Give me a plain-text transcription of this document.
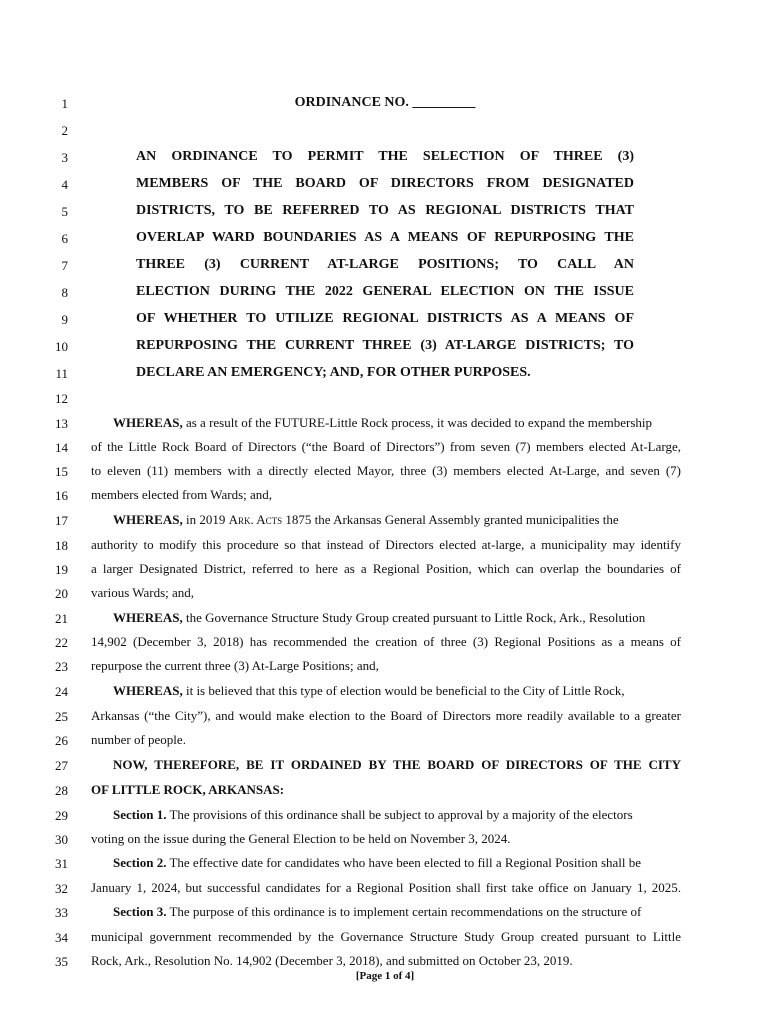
1	ORDINANCE NO. _________
2
3	AN ORDINANCE TO PERMIT THE SELECTION OF THREE (3)
4	MEMBERS OF THE BOARD OF DIRECTORS FROM DESIGNATED
5	DISTRICTS, TO BE REFERRED TO AS REGIONAL DISTRICTS THAT
6	OVERLAP WARD BOUNDARIES AS A MEANS OF REPURPOSING THE
7	THREE (3) CURRENT AT-LARGE POSITIONS; TO CALL AN
8	ELECTION DURING THE 2022 GENERAL ELECTION ON THE ISSUE
9	OF WHETHER TO UTILIZE REGIONAL DISTRICTS AS A MEANS OF
10	REPURPOSING THE CURRENT THREE (3) AT-LARGE DISTRICTS; TO
11	DECLARE AN EMERGENCY; AND, FOR OTHER PURPOSES.
12
13	WHEREAS, as a result of the FUTURE-Little Rock process, it was decided to expand the membership
14 of the Little Rock Board of Directors (“the Board of Directors”) from seven (7) members elected At-Large,
15 to eleven (11) members with a directly elected Mayor, three (3) members elected At-Large, and seven (7)
16 members elected from Wards; and,
17	WHEREAS, in 2019 Ark. Acts 1875 the Arkansas General Assembly granted municipalities the
18 authority to modify this procedure so that instead of Directors elected at-large, a municipality may identify
19 a larger Designated District, referred to here as a Regional Position, which can overlap the boundaries of
20 various Wards; and,
21	WHEREAS, the Governance Structure Study Group created pursuant to Little Rock, Ark., Resolution
22 14,902 (December 3, 2018) has recommended the creation of three (3) Regional Positions as a means of
23 repurpose the current three (3) At-Large Positions; and,
24	WHEREAS, it is believed that this type of election would be beneficial to the City of Little Rock,
25 Arkansas (“the City”), and would make election to the Board of Directors more readily available to a greater
26 number of people.
27	NOW, THEREFORE, BE IT ORDAINED BY THE BOARD OF DIRECTORS OF THE CITY
28 OF LITTLE ROCK, ARKANSAS:
29	Section 1. The provisions of this ordinance shall be subject to approval by a majority of the electors
30 voting on the issue during the General Election to be held on November 3, 2024.
31	Section 2. The effective date for candidates who have been elected to fill a Regional Position shall be
32 January 1, 2024, but successful candidates for a Regional Position shall first take office on January 1, 2025.
33	Section 3. The purpose of this ordinance is to implement certain recommendations on the structure of
34 municipal government recommended by the Governance Structure Study Group created pursuant to Little
35 Rock, Ark., Resolution No. 14,902 (December 3, 2018), and submitted on October 23, 2019.
[Page 1 of 4]
